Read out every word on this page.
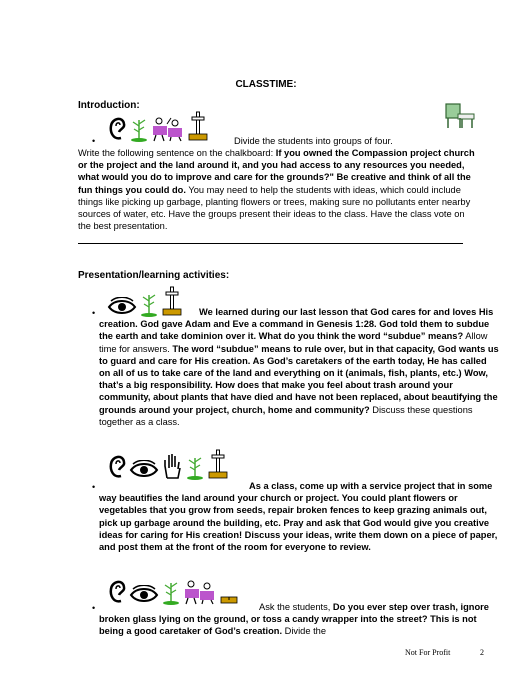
CLASSTIME:
Introduction:
•	Divide the students into groups of four.
Write the following sentence on the chalkboard: If you owned the Compassion project church or the project and the land around it, and you had access to any resources you needed, what would you do to improve and care for the grounds?" Be creative and think of all the fun things you could do. You may need to help the students with ideas, which could include things like picking up garbage, planting flowers or trees, making sure no pollutants enter nearby sources of water, etc. Have the groups present their ideas to the class. Have the class vote on the best presentation.
Presentation/learning activities:
•	We learned during our last lesson that God cares for and loves His creation. God gave Adam and Eve a command in Genesis 1:28. God told them to subdue the earth and take dominion over it. What do you think the word “subdue” means? Allow time for answers. The word “subdue” means to rule over, but in that capacity, God wants us to guard and care for His creation. As God’s caretakers of the earth today, He has called on all of us to take care of the land and everything on it (animals, fish, plants, etc.) Wow, that’s a big responsibility. How does that make you feel about trash around your community, about plants that have died and have not been replaced, about beautifying the grounds around your project, church, home and community? Discuss these questions together as a class.
•	As a class, come up with a service project that in some way beautifies the land around your church or project. You could plant flowers or vegetables that you grow from seeds, repair broken fences to keep grazing animals out, pick up garbage around the building, etc. Pray and ask that God would give you creative ideas for caring for His creation! Discuss your ideas, write them down on a piece of paper, and post them at the front of the room for everyone to review.
•	Ask the students, Do you ever step over trash, ignore broken glass lying on the ground, or toss a candy wrapper into the street? This is not being a good caretaker of God’s creation. Divide the
Not For Profit	2
